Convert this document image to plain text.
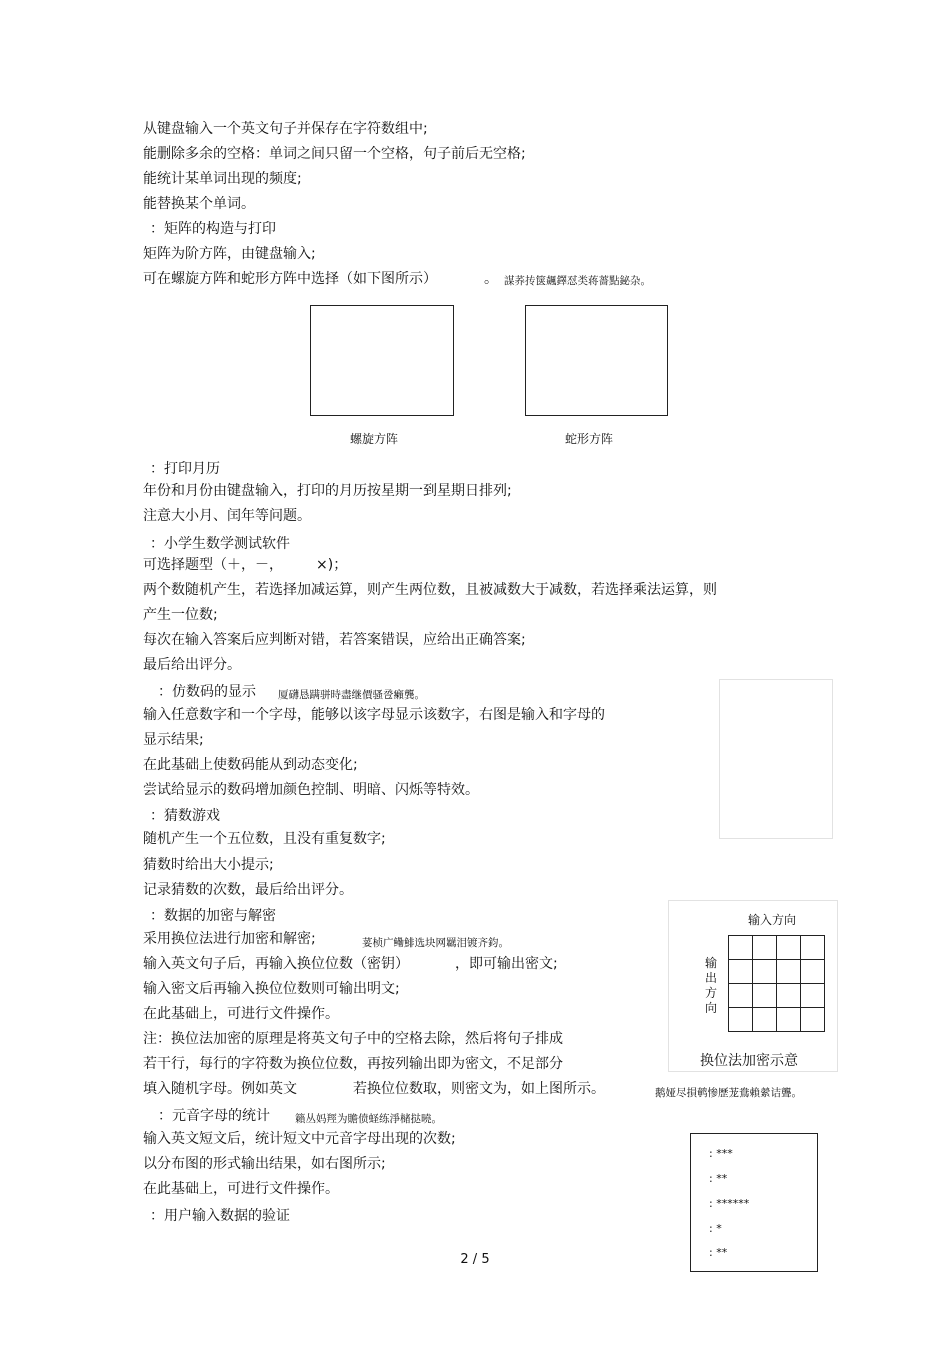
从键盘输入一个英文句子并保存在字符数组中;
能删除多余的空格：单词之间只留一个空格，句子前后无空格;
能统计某单词出现的频度;
能替换某个单词。
：矩阵的构造与打印
矩阵为阶方阵，由键盘输入;
可在螺旋方阵和蛇形方阵中选择（如下图所示）	。 謀荞抟箧飆鐸怼类蒋薔點鉍杂。
螺旋方阵	蛇形方阵
：打印月历
年份和月份由键盘输入，打印的月历按星期一到星期日排列;
注意大小月、闰年等问题。
：小学生数学测试软件
可选择题型（＋，－， ×)；
两个数随机产生，若选择加减运算，则产生两位数，且被减数大于减数，若选择乘法运算，则
产生一位数;
每次在输入答案后应判断对错，若答案错误，应给出正确答案;
最后给出评分。
：仿数码的显示 厦礴恳蹒骈時盡继價骚卺癩龔。
输入任意数字和一个字母，能够以该字母显示该数字，右图是输入和字母的
显示结果;
在此基础上使数码能从到动态变化;
尝试给显示的数码增加颜色控制、明暗、闪烁等特效。
：猜数游戏
随机产生一个五位数，且没有重复数字;
猜数时给出大小提示;
记录猜数的次数，最后给出评分。
：数据的加密与解密
采用换位法进行加密和解密;	荽桢广鳓鯡选块网羈泪镀齐鈞。
输入英文句子后，再输入换位位数（密钥）	，即可输出密文;
输入密文后再输入换位位数则可输出明文;
在此基础上，可进行文件操作。
注：换位法加密的原理是将英文句子中的空格去除，然后将句子排成
若干行，每行的字符数为换位位数，再按列输出即为密文，不足部分
填入随机字母。例如英文	若换位位数取，则密文为，如上图所示。	鹅娅尽損鹌惨歷茏鴦賴縈诘聾。
输入方向
输
出
方
向

换位法加密示意
：元音字母的统计 籟丛妈羥为贍偾蛏练淨槠挞曉。
输入英文短文后，统计短文中元音字母出现的次数;
以分布图的形式输出结果，如右图所示;
在此基础上，可进行文件操作。
：用户输入数据的验证
: ***
: **
: ******
: *
: **
2 / 5
